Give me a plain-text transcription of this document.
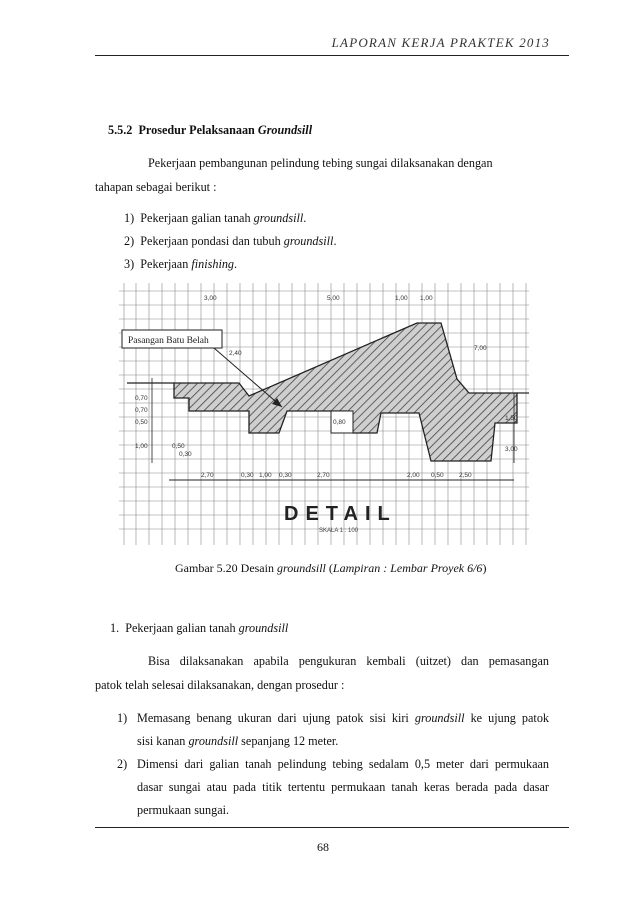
LAPORAN KERJA PRAKTEK 2013
5.5.2 Prosedur Pelaksanaan Groundsill
Pekerjaan pembangunan pelindung tebing sungai dilaksanakan dengan
tahapan sebagai berikut :
1) Pekerjaan galian tanah groundsill.
2) Pekerjaan pondasi dan tubuh groundsill.
3) Pekerjaan finishing.
Pasangan Batu Belah
3,00	5,00	1,00 1,00
0,70
0,70
0,50
1,00
2,70	0,30 1,00 0,30	2,70	2,00 0,50 2,50
0,50
2,40
7,00
1,50
3,00
0,80
0,30
DETAIL
SKALA 1 : 100
Gambar 5.20 Desain groundsill (Lampiran : Lembar Proyek 6/6)
1. Pekerjaan galian tanah groundsill
Bisa dilaksanakan apabila pengukuran kembali (uitzet) dan pemasangan
patok telah selesai dilaksanakan, dengan prosedur :
1) Memasang benang ukuran dari ujung patok sisi kiri groundsill ke ujung patok
sisi kanan groundsill sepanjang 12 meter.
2) Dimensi dari galian tanah pelindung tebing sedalam 0,5 meter dari permukaan
dasar sungai atau pada titik tertentu permukaan tanah keras berada pada dasar
permukaan sungai.
68
